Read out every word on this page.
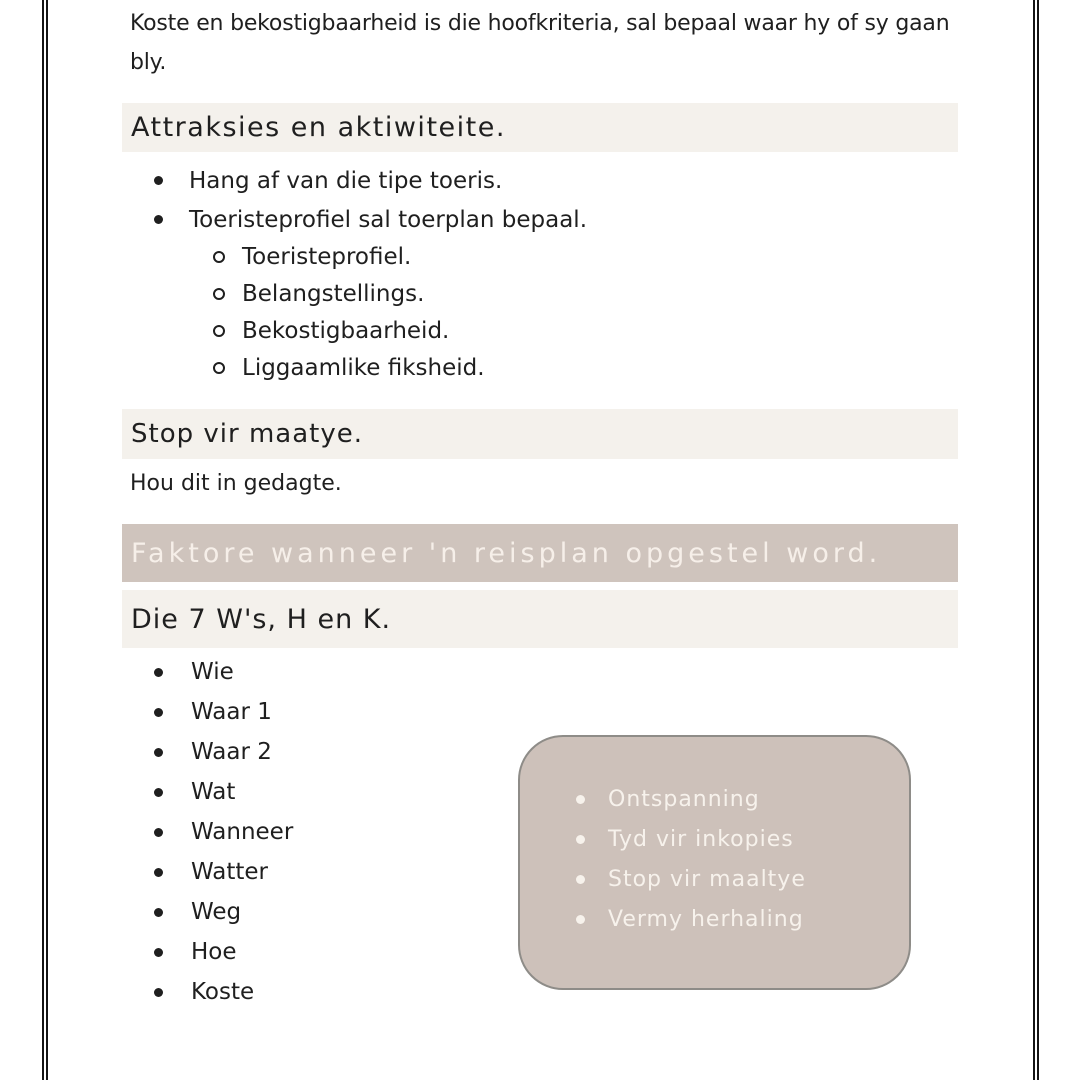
Koste en bekostigbaarheid is die hoofkriteria, sal bepaal waar hy of sy gaan bly.

Attraksies en aktiwiteite.
Hang af van die tipe toeris.
Toeristeprofiel sal toerplan bepaal.
Toeristeprofiel.
Belangstellings.
Bekostigbaarheid.
Liggaamlike fiksheid.
Stop vir maatye.

Hou dit in gedagte.

Faktore wanneer 'n reisplan opgestel word.
Die 7 W's, H en K.
Wie
Waar 1
Waar 2
Wat
Wanneer
Watter
Weg
Hoe
Koste
Ontspanning
Tyd vir inkopies
Stop vir maaltye
Vermy herhaling
